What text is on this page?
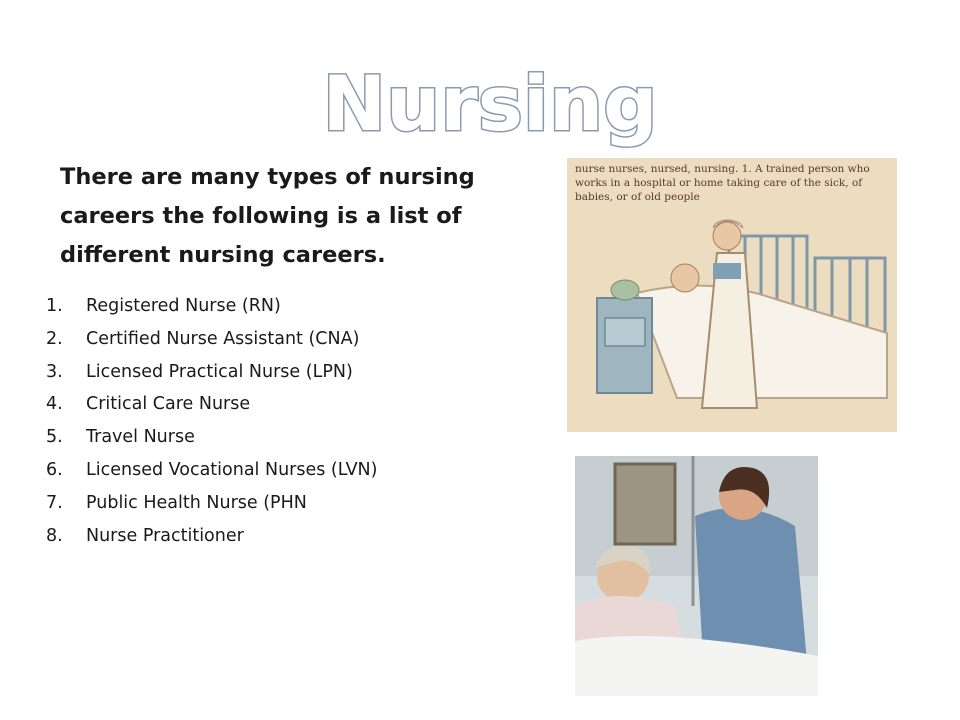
Nursing

There are many types of nursing careers the following is a list of different nursing careers.

1. Registered Nurse (RN)
2. Certified Nurse Assistant (CNA)
3. Licensed Practical Nurse (LPN)
4. Critical Care Nurse
5. Travel Nurse
6. Licensed Vocational Nurses (LVN)
7. Public Health Nurse (PHN
8. Nurse Practitioner
nurse nurses, nursed, nursing. 1. A trained person who works in a hospital or home taking care of the sick, of babies, or of old people
